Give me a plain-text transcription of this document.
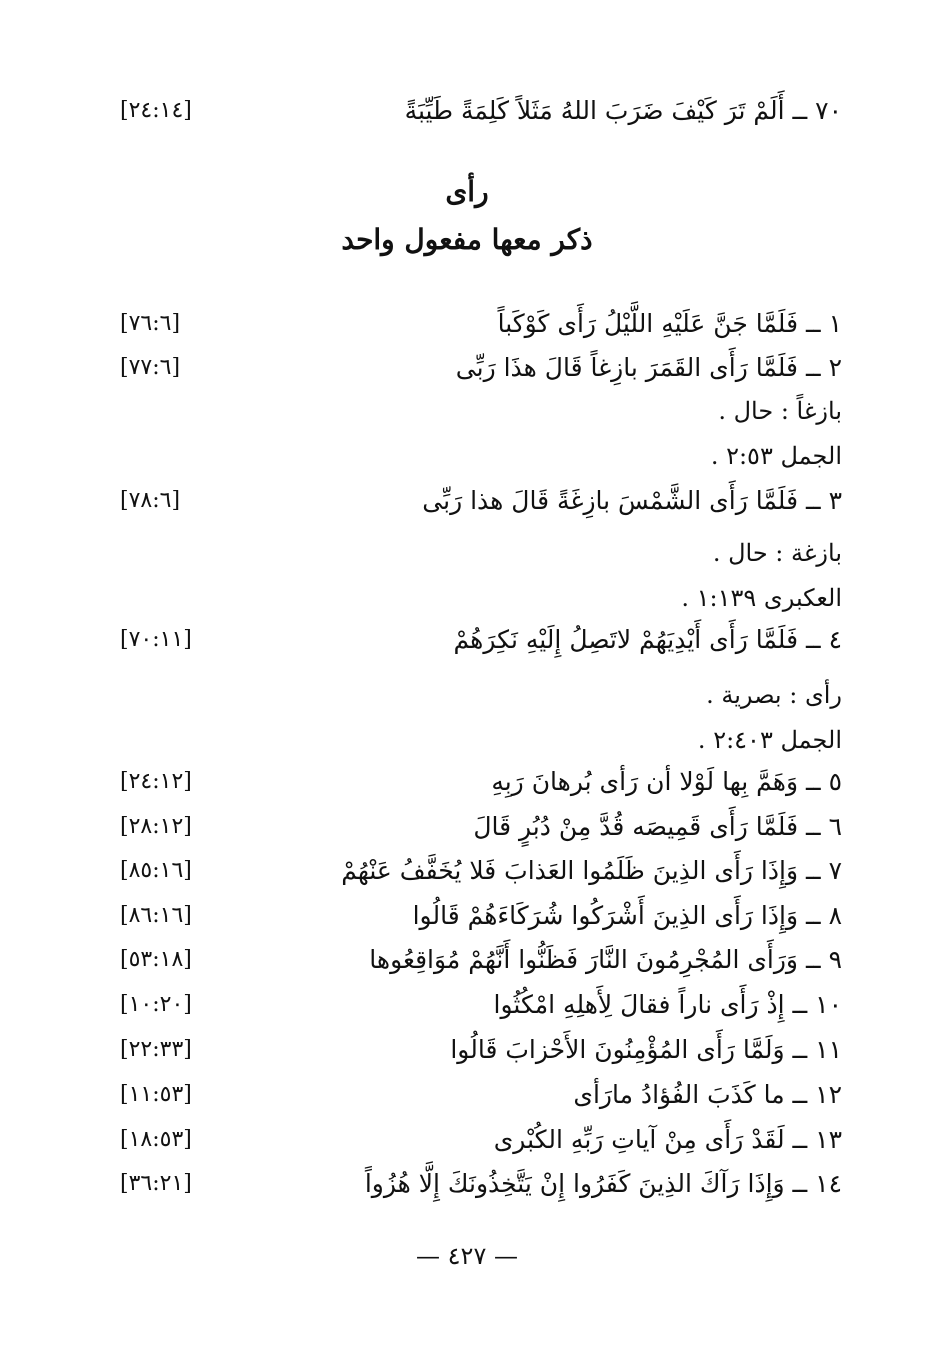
٧٠ ــ أَلَمْ تَرَ كَيْفَ ضَرَبَ اللهُ مَثَلاً كَلِمَةً طَيِّبَةً
[٢٤:١٤]
رأى
ذكر معها مفعول واحد
١ ــ فَلَمَّا جَنَّ عَلَيْهِ اللَّيْلُ رَأَى كَوْكَباً
[٧٦:٦]
٢ ــ فَلَمَّا رَأَى القَمَرَ بازِغاً قَالَ هذَا رَبِّى
[٧٧:٦]
بازغاً : حال .
الجمل ٢:٥٣ .
٣ ــ فَلَمَّا رَأَى الشَّمْسَ بازِغَةً قَالَ هذا رَبِّى
[٧٨:٦]
بازغة : حال .
العكبرى ١:١٣٩ .
٤ ــ فَلَمَّا رَأَى أَيْدِيَهُمْ لاتَصِلُ إِلَيْهِ نَكِرَهُمْ
[٧٠:١١]
رأى : بصرية .
الجمل ٢:٤٠٣ .
٥ ــ وَهَمَّ بِها لَوْلا أن رَأى بُرهانَ رَبِهِ
[٢٤:١٢]
٦ ــ فَلَمَّا رَأَى قَمِيصَه قُدَّ مِنْ دُبُرٍ قَالَ
[٢٨:١٢]
٧ ــ وَإِذَا رَأَى الذِينَ ظَلَمُوا العَذابَ فَلا يُخَفَّفُ عَنْهُمْ
[٨٥:١٦]
٨ ــ وَإِذَا رَأَى الذِينَ أَشْرَكُوا شُرَكَاءَهُمْ قَالُوا
[٨٦:١٦]
٩ ــ وَرَأَى المُجْرِمُونَ النَّارَ فَظَنُّوا أَنَّهُمْ مُوَاقِعُوها
[٥٣:١٨]
١٠ ــ إِذْ رَأَى ناراً فقالَ لِأَهلِهِ امْكُثُوا
[١٠:٢٠]
١١ ــ وَلَمَّا رَأَى المُؤْمِنُونَ الأَحْزابَ قَالُوا
[٢٢:٣٣]
١٢ ــ ما كَذَبَ الفُؤادُ مارَأى
[١١:٥٣]
١٣ ــ لَقَدْ رَأَى مِنْ آياتِ رَبِّهِ الكُبْرى
[١٨:٥٣]
١٤ ــ وَإِذَا رَآكَ الذِينَ كَفَرُوا إِنْ يَتَّخِذُونَكَ إِلَّا هُزُواً
[٣٦:٢١]
— ٤٢٧ —
